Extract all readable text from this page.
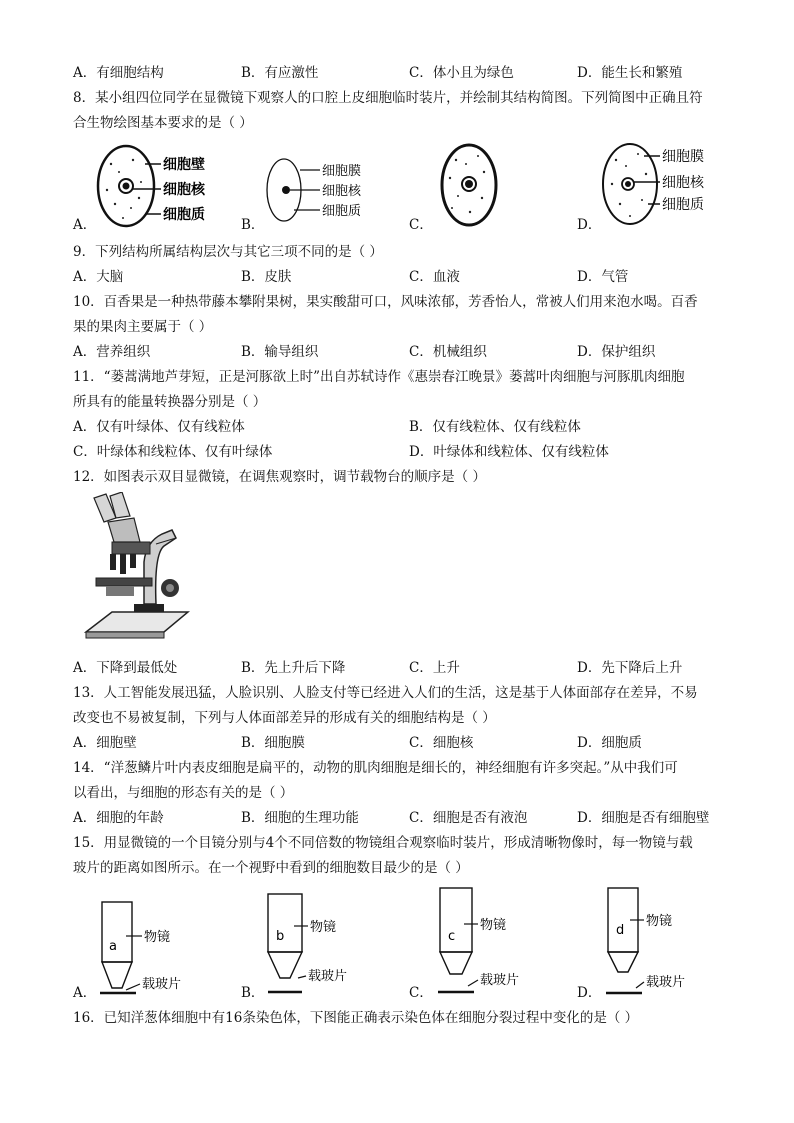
A．有细胞结构	B．有应激性	C．体小且为绿色	D．能生长和繁殖
8．某小组四位同学在显微镜下观察人的口腔上皮细胞临时装片，并绘制其结构简图。下列简图中正确且符
合生物绘图基本要求的是（ ）
A．
细胞壁
细胞核
细胞质
B．
细胞膜
细胞核
细胞质
C．	D．
细胞膜
细胞核
细胞质
9．下列结构所属结构层次与其它三项不同的是（ ）
A．大脑	B．皮肤	C．血液	D．气管
10．百香果是一种热带藤本攀附果树，果实酸甜可口，风味浓郁，芳香怡人，常被人们用来泡水喝。百香
果的果肉主要属于（ ）
A．营养组织	B．输导组织	C．机械组织	D．保护组织
11．“蒌蒿满地芦芽短，正是河豚欲上时”出自苏轼诗作《惠崇春江晚景》蒌蒿叶肉细胞与河豚肌肉细胞
所具有的能量转换器分别是（ ）
A．仅有叶绿体、仅有线粒体	B．仅有线粒体、仅有线粒体
C．叶绿体和线粒体、仅有叶绿体	D．叶绿体和线粒体、仅有线粒体
12．如图表示双目显微镜，在调焦观察时，调节载物台的顺序是（ ）
A．下降到最低处	B．先上升后下降	C．上升	D．先下降后上升
13．人工智能发展迅猛，人脸识别、人脸支付等已经进入人们的生活，这是基于人体面部存在差异，不易
改变也不易被复制，下列与人体面部差异的形成有关的细胞结构是（ ）
A．细胞壁	B．细胞膜	C．细胞核	D．细胞质
14．“洋葱鳞片叶内表皮细胞是扁平的，动物的肌肉细胞是细长的，神经细胞有许多突起。”从中我们可
以看出，与细胞的形态有关的是（ ）
A．细胞的年龄	B．细胞的生理功能	C．细胞是否有液泡	D．细胞是否有细胞壁
15．用显微镜的一个目镜分别与4个不同倍数的物镜组合观察临时装片，形成清晰物像时，每一物镜与载
玻片的距离如图所示。在一个视野中看到的细胞数目最少的是（ ）
A．
a
物镜
载玻片
B．
b
物镜
载玻片
C．
c
物镜
载玻片
D．
d
物镜
载玻片
16．已知洋葱体细胞中有16条染色体，下图能正确表示染色体在细胞分裂过程中变化的是（ ）
